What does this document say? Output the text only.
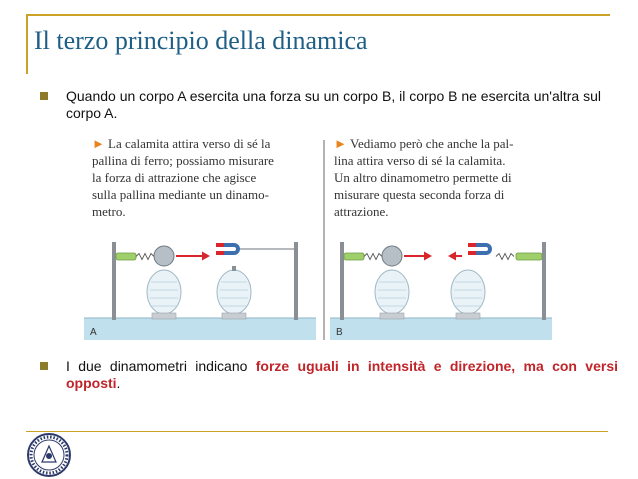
Il terzo principio della dinamica
Quando un corpo A esercita una forza su un corpo B, il corpo B ne esercita un'altra sul corpo A.
► La calamita attira verso di sé la
pallina di ferro; possiamo misurare
la forza di attrazione che agisce
sulla pallina mediante un dinamo-
metro.
► Vediamo però che anche la pal-
lina attira verso di sé la calamita.
Un altro dinamometro permette di
misurare questa seconda forza di
attrazione.
A	B
I due dinamometri indicano forze uguali in intensità e direzione, ma con versi opposti.
